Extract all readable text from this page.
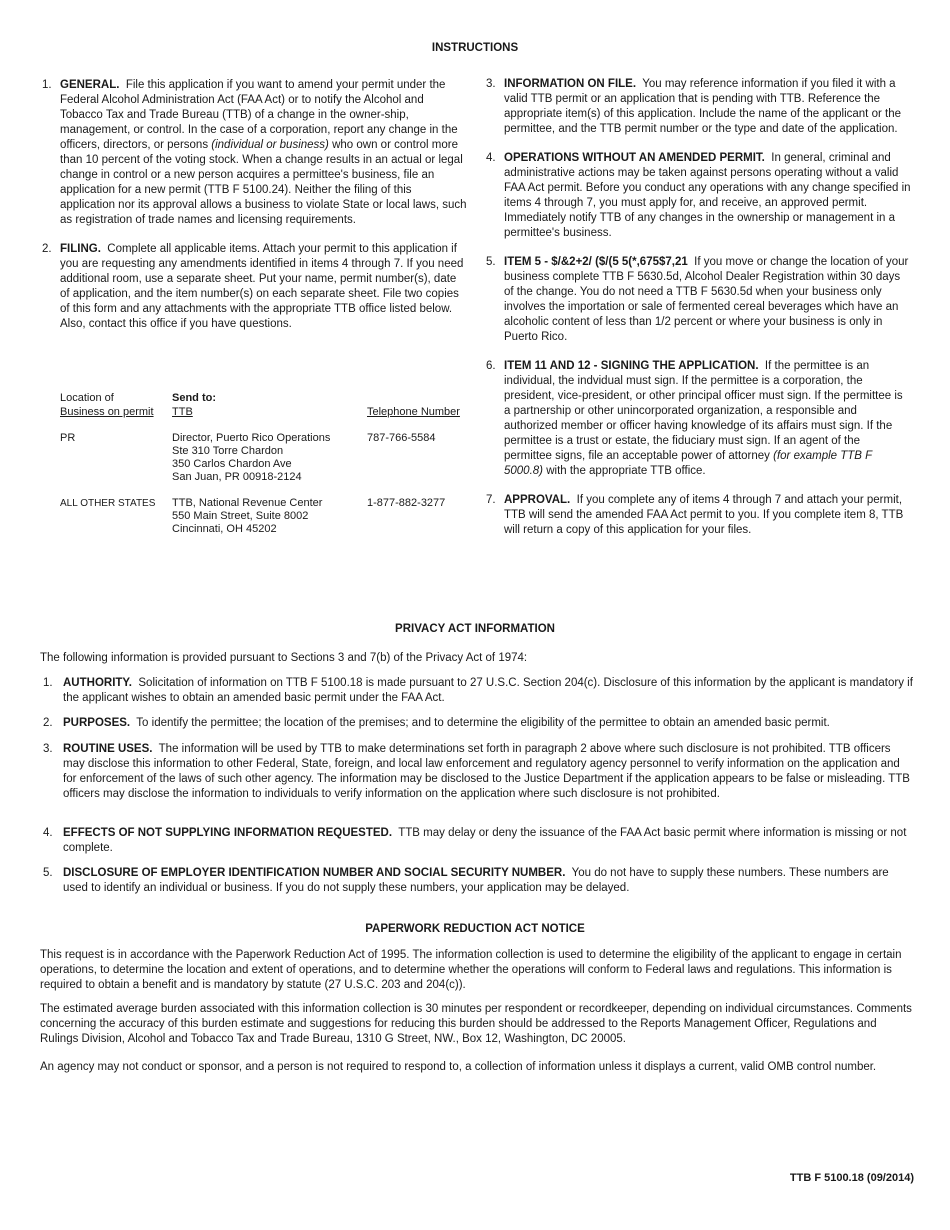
INSTRUCTIONS
1. GENERAL. File this application if you want to amend your permit under the Federal Alcohol Administration Act (FAA Act) or to notify the Alcohol and Tobacco Tax and Trade Bureau (TTB) of a change in the owner-ship, management, or control. In the case of a corporation, report any change in the officers, directors, or persons (individual or business) who own or control more than 10 percent of the voting stock. When a change results in an actual or legal change in control or a new person acquires a permittee's business, file an application for a new permit (TTB F 5100.24). Neither the filing of this application nor its approval allows a business to violate State or local laws, such as registration of trade names and licensing requirements.
2. FILING. Complete all applicable items. Attach your permit to this application if you are requesting any amendments identified in items 4 through 7. If you need additional room, use a separate sheet. Put your name, permit number(s), date of application, and the item number(s) on each separate sheet. File two copies of this form and any attachments with the appropriate TTB office listed below. Also, contact this office if you have questions.
Location of
Business on permit
Send to:
TTB	Telephone Number
PR	Director, Puerto Rico Operations
Ste 310 Torre Chardon
350 Carlos Chardon Ave
San Juan, PR 00918-2124
787-766-5584
ALL OTHER STATES TTB, National Revenue Center
550 Main Street, Suite 8002
Cincinnati, OH 45202
1-877-882-3277
3. INFORMATION ON FILE. You may reference information if you filed it with a valid TTB permit or an application that is pending with TTB. Reference the appropriate item(s) of this application. Include the name of the applicant or the permittee, and the TTB permit number or the type and date of the application.
4. OPERATIONS WITHOUT AN AMENDED PERMIT. In general, criminal and administrative actions may be taken against persons operating without a valid FAA Act permit. Before you conduct any operations with any change specified in items 4 through 7, you must apply for, and receive, an approved permit. Immediately notify TTB of any changes in the ownership or management in a permittee's business.
5. ITEM 5 - $/&2+2/ ($/(5 5(*,675$7,21 If you move or change the location of your business complete TTB F 5630.5d, Alcohol Dealer Registration within 30 days of the change. You do not need a TTB F 5630.5d when your business only involves the importation or sale of fermented cereal beverages which have an alcoholic content of less than 1/2 percent or where your business is only in Puerto Rico.
6. ITEM 11 AND 12 - SIGNING THE APPLICATION. If the permittee is an individual, the indvidual must sign. If the permittee is a corporation, the president, vice-president, or other principal officer must sign. If the permittee is a partnership or other unincorporated organization, a responsible and authorized member or officer having knowledge of its affairs must sign. If the permittee is a trust or estate, the fiduciary must sign. If an agent of the permittee signs, file an acceptable power of attorney (for example TTB F 5000.8) with the appropriate TTB office.
7. APPROVAL. If you complete any of items 4 through 7 and attach your permit, TTB will send the amended FAA Act permit to you. If you complete item 8, TTB will return a copy of this application for your files.
PRIVACY ACT INFORMATION
The following information is provided pursuant to Sections 3 and 7(b) of the Privacy Act of 1974:
1. AUTHORITY. Solicitation of information on TTB F 5100.18 is made pursuant to 27 U.S.C. Section 204(c). Disclosure of this information by the applicant is mandatory if the applicant wishes to obtain an amended basic permit under the FAA Act.
2. PURPOSES. To identify the permittee; the location of the premises; and to determine the eligibility of the permittee to obtain an amended basic permit.
3. ROUTINE USES. The information will be used by TTB to make determinations set forth in paragraph 2 above where such disclosure is not prohibited. TTB officers may disclose this information to other Federal, State, foreign, and local law enforcement and regulatory agency personnel to verify information on the application and for enforcement of the laws of such other agency. The information may be disclosed to the Justice Department if the application appears to be false or misleading. TTB officers may disclose the information to individuals to verify information on the application where such disclosure is not prohibited.
4. EFFECTS OF NOT SUPPLYING INFORMATION REQUESTED. TTB may delay or deny the issuance of the FAA Act basic permit where information is missing or not complete.
5. DISCLOSURE OF EMPLOYER IDENTIFICATION NUMBER AND SOCIAL SECURITY NUMBER. You do not have to supply these numbers. These numbers are used to identify an individual or business. If you do not supply these numbers, your application may be delayed.
PAPERWORK REDUCTION ACT NOTICE
This request is in accordance with the Paperwork Reduction Act of 1995. The information collection is used to determine the eligibility of the applicant to engage in certain operations, to determine the location and extent of operations, and to determine whether the operations will conform to Federal laws and regulations. This information is required to obtain a benefit and is mandatory by statute (27 U.S.C. 203 and 204(c)).
The estimated average burden associated with this information collection is 30 minutes per respondent or recordkeeper, depending on individual circumstances. Comments concerning the accuracy of this burden estimate and suggestions for reducing this burden should be addressed to the Reports Management Officer, Regulations and Rulings Division, Alcohol and Tobacco Tax and Trade Bureau, 1310 G Street, NW., Box 12, Washington, DC 20005.
An agency may not conduct or sponsor, and a person is not required to respond to, a collection of information unless it displays a current, valid OMB control number.
TTB F 5100.18 (09/2014)
